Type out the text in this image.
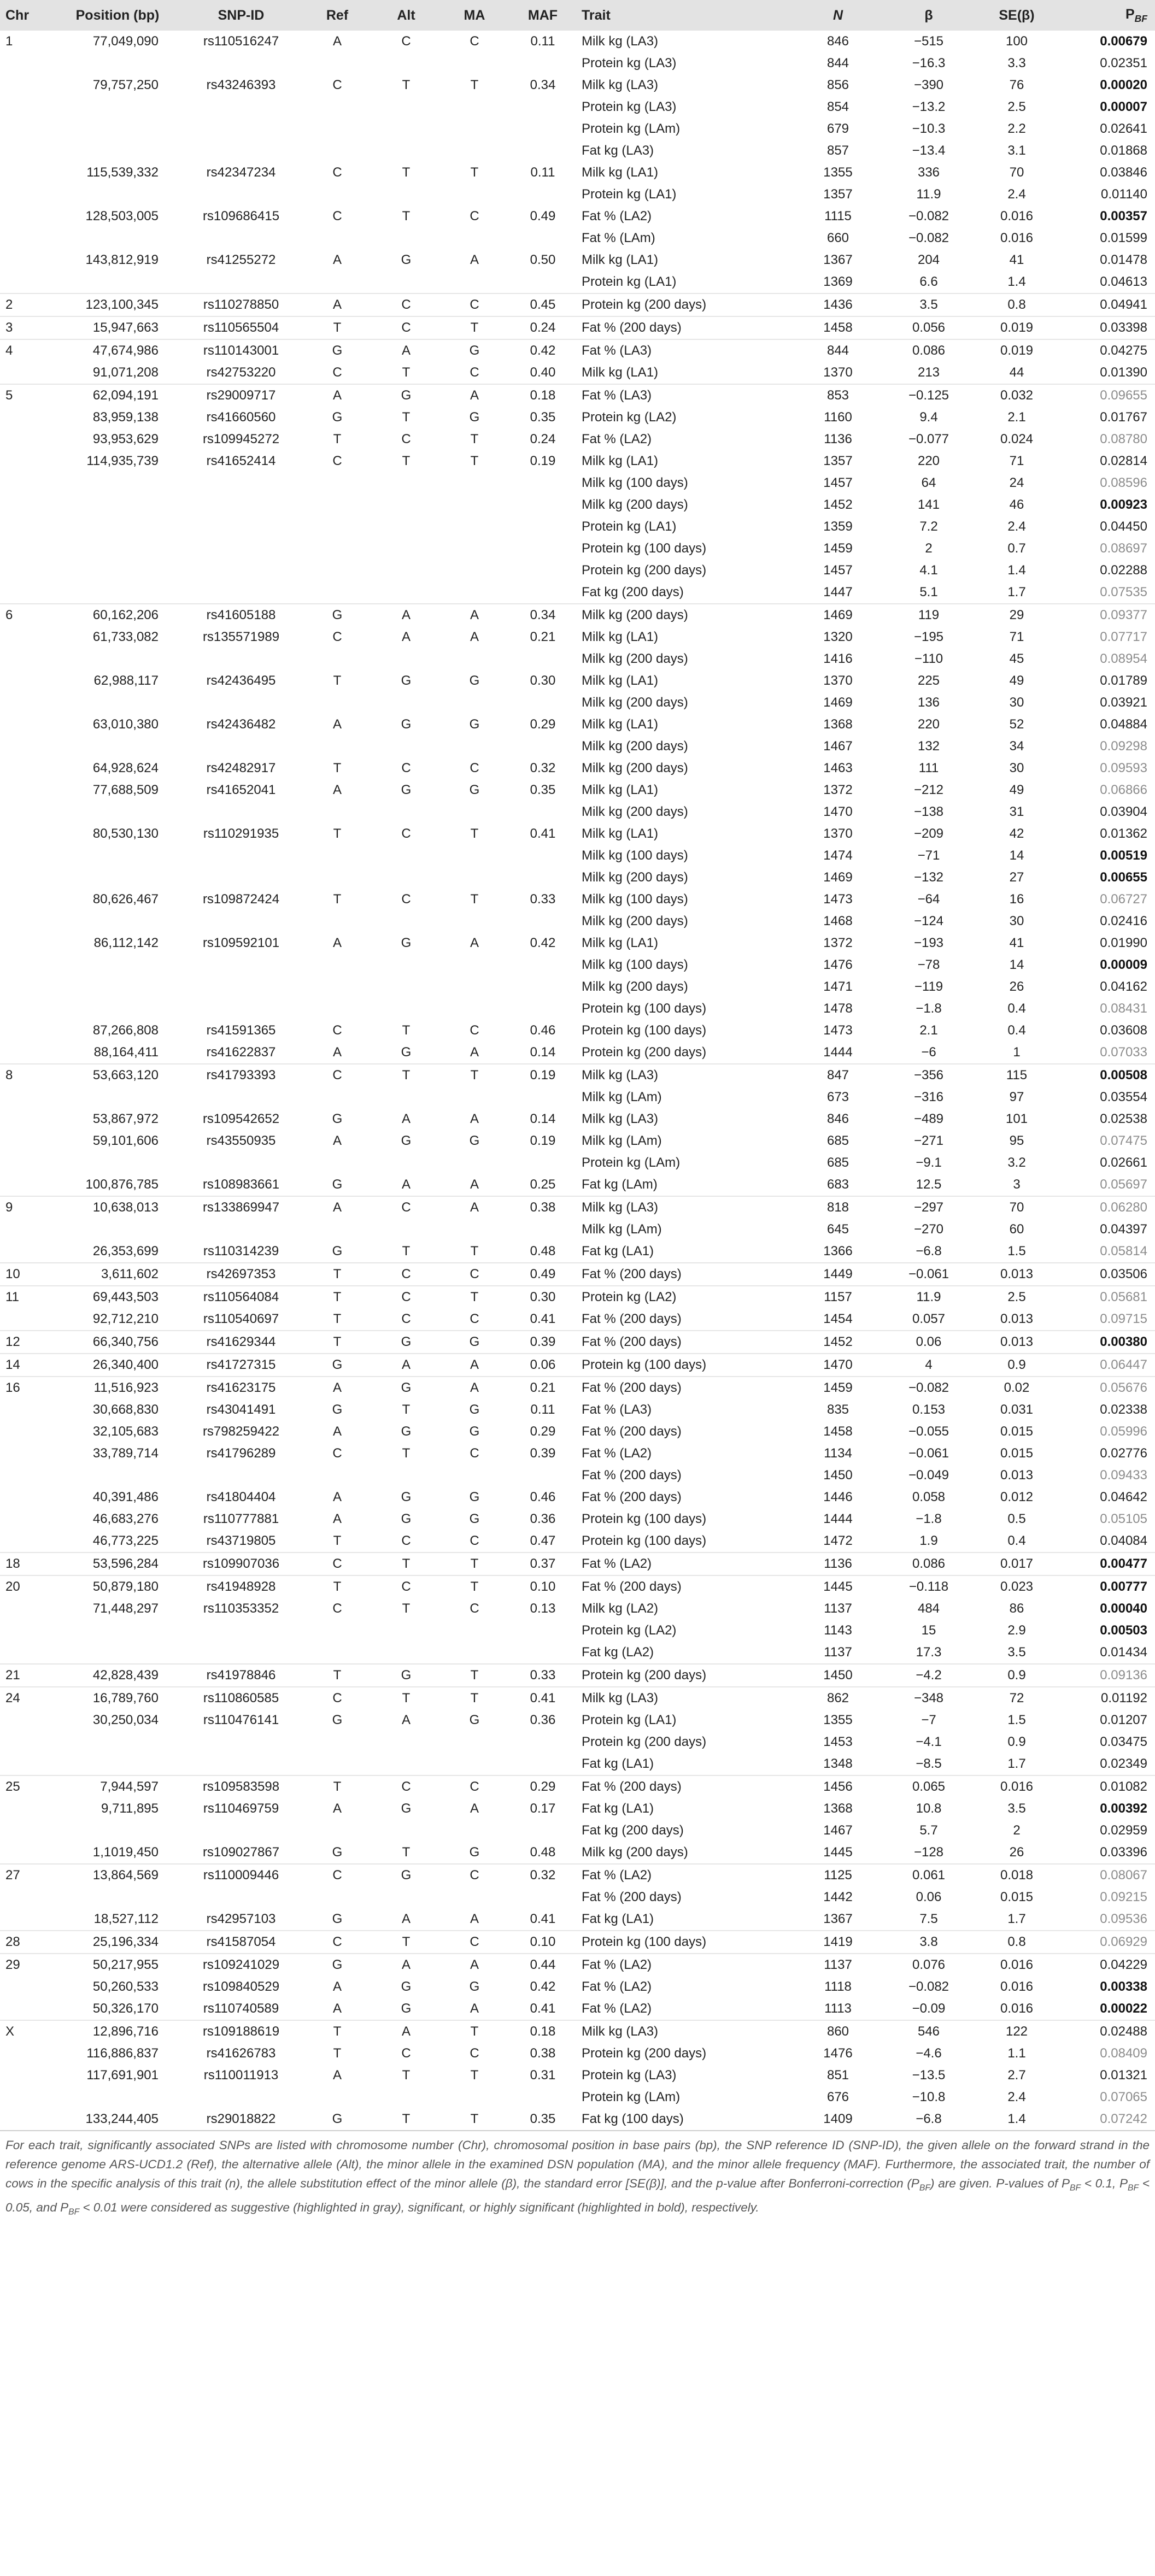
Chr	Position (bp)	SNP-ID	Ref	Alt	MA	MAF	Trait	N	β	SE(β)	$P_{BF}$
1	77,049,090	rs110516247	A	C	C	0.11	Milk kg (LA3)	846	−515	100	0.00679
							Protein kg (LA3)	844	−16.3	3.3	0.02351
	79,757,250	rs43246393	C	T	T	0.34	Milk kg (LA3)	856	−390	76	0.00020
							Protein kg (LA3)	854	−13.2	2.5	0.00007
							Protein kg (LAm)	679	−10.3	2.2	0.02641
							Fat kg (LA3)	857	−13.4	3.1	0.01868
	115,539,332	rs42347234	C	T	T	0.11	Milk kg (LA1)	1355	336	70	0.03846
							Protein kg (LA1)	1357	11.9	2.4	0.01140
	128,503,005	rs109686415	C	T	C	0.49	Fat % (LA2)	1115	−0.082	0.016	0.00357
							Fat % (LAm)	660	−0.082	0.016	0.01599
	143,812,919	rs41255272	A	G	A	0.50	Milk kg (LA1)	1367	204	41	0.01478
							Protein kg (LA1)	1369	6.6	1.4	0.04613
2	123,100,345	rs110278850	A	C	C	0.45	Protein kg (200 days)	1436	3.5	0.8	0.04941
3	15,947,663	rs110565504	T	C	T	0.24	Fat % (200 days)	1458	0.056	0.019	0.03398
4	47,674,986	rs110143001	G	A	G	0.42	Fat % (LA3)	844	0.086	0.019	0.04275
	91,071,208	rs42753220	C	T	C	0.40	Milk kg (LA1)	1370	213	44	0.01390
5	62,094,191	rs29009717	A	G	A	0.18	Fat % (LA3)	853	−0.125	0.032	0.09655
	83,959,138	rs41660560	G	T	G	0.35	Protein kg (LA2)	1160	9.4	2.1	0.01767
	93,953,629	rs109945272	T	C	T	0.24	Fat % (LA2)	1136	−0.077	0.024	0.08780
	114,935,739	rs41652414	C	T	T	0.19	Milk kg (LA1)	1357	220	71	0.02814
							Milk kg (100 days)	1457	64	24	0.08596
							Milk kg (200 days)	1452	141	46	0.00923
							Protein kg (LA1)	1359	7.2	2.4	0.04450
							Protein kg (100 days)	1459	2	0.7	0.08697
							Protein kg (200 days)	1457	4.1	1.4	0.02288
							Fat kg (200 days)	1447	5.1	1.7	0.07535
6	60,162,206	rs41605188	G	A	A	0.34	Milk kg (200 days)	1469	119	29	0.09377
	61,733,082	rs135571989	C	A	A	0.21	Milk kg (LA1)	1320	−195	71	0.07717
							Milk kg (200 days)	1416	−110	45	0.08954
	62,988,117	rs42436495	T	G	G	0.30	Milk kg (LA1)	1370	225	49	0.01789
							Milk kg (200 days)	1469	136	30	0.03921
	63,010,380	rs42436482	A	G	G	0.29	Milk kg (LA1)	1368	220	52	0.04884
							Milk kg (200 days)	1467	132	34	0.09298
	64,928,624	rs42482917	T	C	C	0.32	Milk kg (200 days)	1463	111	30	0.09593
	77,688,509	rs41652041	A	G	G	0.35	Milk kg (LA1)	1372	−212	49	0.06866
							Milk kg (200 days)	1470	−138	31	0.03904
	80,530,130	rs110291935	T	C	T	0.41	Milk kg (LA1)	1370	−209	42	0.01362
							Milk kg (100 days)	1474	−71	14	0.00519
							Milk kg (200 days)	1469	−132	27	0.00655
	80,626,467	rs109872424	T	C	T	0.33	Milk kg (100 days)	1473	−64	16	0.06727
							Milk kg (200 days)	1468	−124	30	0.02416
	86,112,142	rs109592101	A	G	A	0.42	Milk kg (LA1)	1372	−193	41	0.01990
							Milk kg (100 days)	1476	−78	14	0.00009
							Milk kg (200 days)	1471	−119	26	0.04162
							Protein kg (100 days)	1478	−1.8	0.4	0.08431
	87,266,808	rs41591365	C	T	C	0.46	Protein kg (100 days)	1473	2.1	0.4	0.03608
	88,164,411	rs41622837	A	G	A	0.14	Protein kg (200 days)	1444	−6	1	0.07033
8	53,663,120	rs41793393	C	T	T	0.19	Milk kg (LA3)	847	−356	115	0.00508
							Milk kg (LAm)	673	−316	97	0.03554
	53,867,972	rs109542652	G	A	A	0.14	Milk kg (LA3)	846	−489	101	0.02538
	59,101,606	rs43550935	A	G	G	0.19	Milk kg (LAm)	685	−271	95	0.07475
							Protein kg (LAm)	685	−9.1	3.2	0.02661
	100,876,785	rs108983661	G	A	A	0.25	Fat kg (LAm)	683	12.5	3	0.05697
9	10,638,013	rs133869947	A	C	A	0.38	Milk kg (LA3)	818	−297	70	0.06280
							Milk kg (LAm)	645	−270	60	0.04397
	26,353,699	rs110314239	G	T	T	0.48	Fat kg (LA1)	1366	−6.8	1.5	0.05814
10	3,611,602	rs42697353	T	C	C	0.49	Fat % (200 days)	1449	−0.061	0.013	0.03506
11	69,443,503	rs110564084	T	C	T	0.30	Protein kg (LA2)	1157	11.9	2.5	0.05681
	92,712,210	rs110540697	T	C	C	0.41	Fat % (200 days)	1454	0.057	0.013	0.09715
12	66,340,756	rs41629344	T	G	G	0.39	Fat % (200 days)	1452	0.06	0.013	0.00380
14	26,340,400	rs41727315	G	A	A	0.06	Protein kg (100 days)	1470	4	0.9	0.06447
16	11,516,923	rs41623175	A	G	A	0.21	Fat % (200 days)	1459	−0.082	0.02	0.05676
	30,668,830	rs43041491	G	T	G	0.11	Fat % (LA3)	835	0.153	0.031	0.02338
	32,105,683	rs798259422	A	G	G	0.29	Fat % (200 days)	1458	−0.055	0.015	0.05996
	33,789,714	rs41796289	C	T	C	0.39	Fat % (LA2)	1134	−0.061	0.015	0.02776
							Fat % (200 days)	1450	−0.049	0.013	0.09433
	40,391,486	rs41804404	A	G	G	0.46	Fat % (200 days)	1446	0.058	0.012	0.04642
	46,683,276	rs110777881	A	G	G	0.36	Protein kg (100 days)	1444	−1.8	0.5	0.05105
	46,773,225	rs43719805	T	C	C	0.47	Protein kg (100 days)	1472	1.9	0.4	0.04084
18	53,596,284	rs109907036	C	T	T	0.37	Fat % (LA2)	1136	0.086	0.017	0.00477
20	50,879,180	rs41948928	T	C	T	0.10	Fat % (200 days)	1445	−0.118	0.023	0.00777
	71,448,297	rs110353352	C	T	C	0.13	Milk kg (LA2)	1137	484	86	0.00040
							Protein kg (LA2)	1143	15	2.9	0.00503
							Fat kg (LA2)	1137	17.3	3.5	0.01434
21	42,828,439	rs41978846	T	G	T	0.33	Protein kg (200 days)	1450	−4.2	0.9	0.09136
24	16,789,760	rs110860585	C	T	T	0.41	Milk kg (LA3)	862	−348	72	0.01192
	30,250,034	rs110476141	G	A	G	0.36	Protein kg (LA1)	1355	−7	1.5	0.01207
							Protein kg (200 days)	1453	−4.1	0.9	0.03475
							Fat kg (LA1)	1348	−8.5	1.7	0.02349
25	7,944,597	rs109583598	T	C	C	0.29	Fat % (200 days)	1456	0.065	0.016	0.01082
	9,711,895	rs110469759	A	G	A	0.17	Fat kg (LA1)	1368	10.8	3.5	0.00392
							Fat kg (200 days)	1467	5.7	2	0.02959
	1,1019,450	rs109027867	G	T	G	0.48	Milk kg (200 days)	1445	−128	26	0.03396
27	13,864,569	rs110009446	C	G	C	0.32	Fat % (LA2)	1125	0.061	0.018	0.08067
							Fat % (200 days)	1442	0.06	0.015	0.09215
	18,527,112	rs42957103	G	A	A	0.41	Fat kg (LA1)	1367	7.5	1.7	0.09536
28	25,196,334	rs41587054	C	T	C	0.10	Protein kg (100 days)	1419	3.8	0.8	0.06929
29	50,217,955	rs109241029	G	A	A	0.44	Fat % (LA2)	1137	0.076	0.016	0.04229
	50,260,533	rs109840529	A	G	G	0.42	Fat % (LA2)	1118	−0.082	0.016	0.00338
	50,326,170	rs110740589	A	G	A	0.41	Fat % (LA2)	1113	−0.09	0.016	0.00022
X	12,896,716	rs109188619	T	A	T	0.18	Milk kg (LA3)	860	546	122	0.02488
	116,886,837	rs41626783	T	C	C	0.38	Protein kg (200 days)	1476	−4.6	1.1	0.08409
	117,691,901	rs110011913	A	T	T	0.31	Protein kg (LA3)	851	−13.5	2.7	0.01321
							Protein kg (LAm)	676	−10.8	2.4	0.07065
	133,244,405	rs29018822	G	T	T	0.35	Fat kg (100 days)	1409	−6.8	1.4	0.07242
For each trait, significantly associated SNPs are listed with chromosome number (Chr), chromosomal position in base pairs (bp), the SNP reference ID (SNP-ID), the given allele on the forward strand in the reference genome ARS-UCD1.2 (Ref), the alternative allele (Alt), the minor allele in the examined DSN population (MA), and the minor allele frequency (MAF). Furthermore, the associated trait, the number of cows in the specific analysis of this trait (n), the allele substitution effect of the minor allele (β), the standard error [SE(β)], and the p-value after Bonferroni-correction $(P_{BF})$ are given. P-values of $P_{BF} < 0.1$, $P_{BF} < 0.05$, and $P_{BF} < 0.01$ were considered as suggestive (highlighted in gray), significant, or highly significant (highlighted in bold), respectively.
